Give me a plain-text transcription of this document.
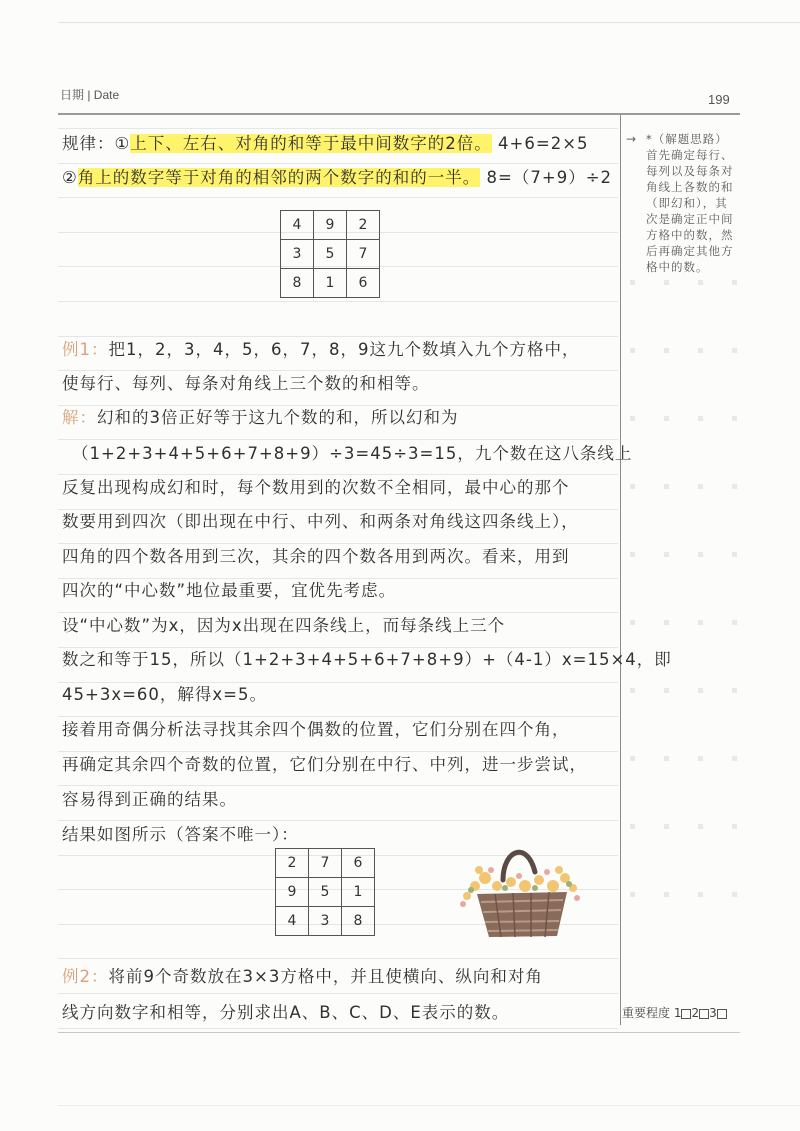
日期 | Date	199
规律：①上下、左右、对角的和等于最中间数字的2倍。 4+6=2×5
②角上的数字等于对角的相邻的两个数字的和的一半。 8=（7+9）÷2
4	9	2
3	5	7
8	1	6
例1：把1，2，3，4，5，6，7，8，9这九个数填入九个方格中，
使每行、每列、每条对角线上三个数的和相等。
解：幻和的3倍正好等于这九个数的和，所以幻和为
（1+2+3+4+5+6+7+8+9）÷3=45÷3=15，九个数在这八条线上
反复出现构成幻和时，每个数用到的次数不全相同，最中心的那个
数要用到四次（即出现在中行、中列、和两条对角线这四条线上），
四角的四个数各用到三次，其余的四个数各用到两次。看来，用到
四次的“中心数”地位最重要，宜优先考虑。
设“中心数”为x，因为x出现在四条线上，而每条线上三个
数之和等于15，所以（1+2+3+4+5+6+7+8+9）+（4-1）x=15×4，即
45+3x=60，解得x=5。
接着用奇偶分析法寻找其余四个偶数的位置，它们分别在四个角，
再确定其余四个奇数的位置，它们分别在中行、中列，进一步尝试，
容易得到正确的结果。
结果如图所示（答案不唯一）：
2	7	6
9	5	1
4	3	8
例2：将前9个奇数放在3×3方格中，并且使横向、纵向和对角
线方向数字和相等，分别求出A、B、C、D、E表示的数。
→ *（解题思路）首先确定每行、每列以及每条对角线上各数的和（即幻和），其次是确定正中间方格中的数，然后再确定其他方格中的数。
重要程度 1 2 3
